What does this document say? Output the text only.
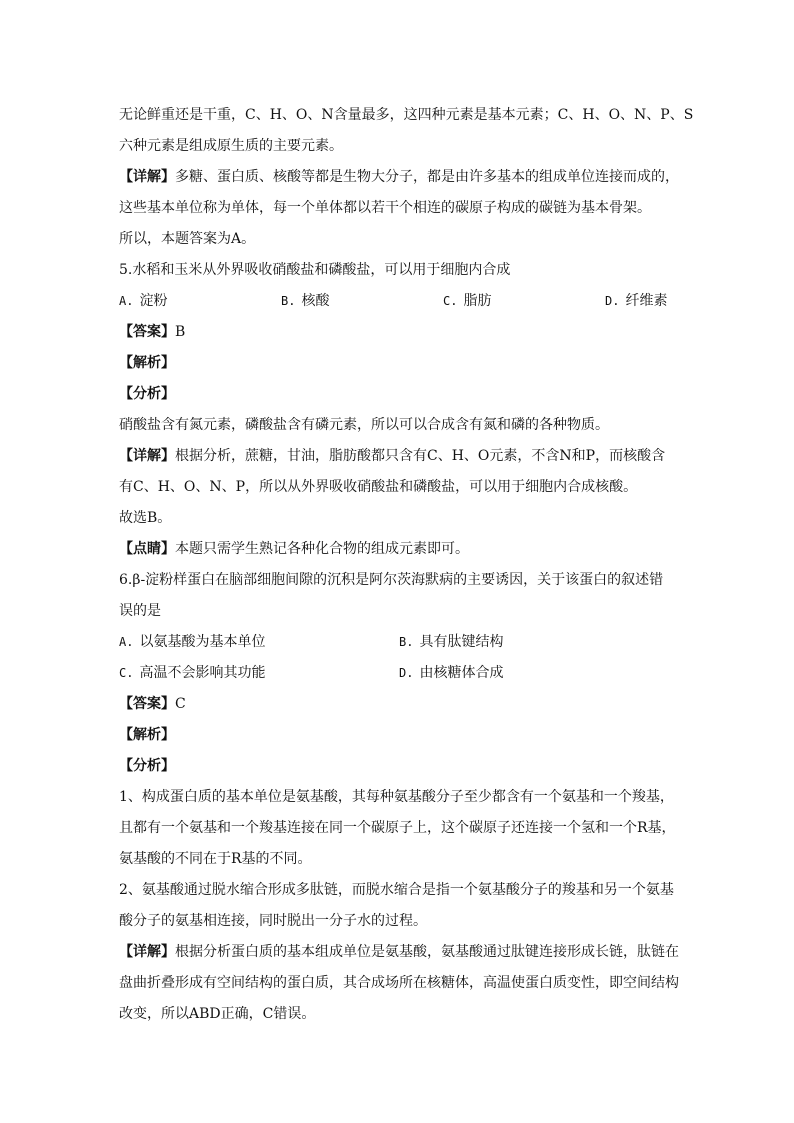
无论鲜重还是干重，C、H、O、N含量最多，这四种元素是基本元素；C、H、O、N、P、S

六种元素是组成原生质的主要元素。

【详解】多糖、蛋白质、核酸等都是生物大分子，都是由许多基本的组成单位连接而成的，

这些基本单位称为单体，每一个单体都以若干个相连的碳原子构成的碳链为基本骨架。

所以，本题答案为A。

5.水稻和玉米从外界吸收硝酸盐和磷酸盐，可以用于细胞内合成

A. 淀粉	B. 核酸	C. 脂肪	D. 纤维素

【答案】B

【解析】

【分析】

硝酸盐含有氮元素，磷酸盐含有磷元素，所以可以合成含有氮和磷的各种物质。

【详解】根据分析，蔗糖，甘油，脂肪酸都只含有C、H、O元素，不含N和P，而核酸含

有C、H、O、N、P，所以从外界吸收硝酸盐和磷酸盐，可以用于细胞内合成核酸。

故选B。

【点睛】本题只需学生熟记各种化合物的组成元素即可。

6.β-淀粉样蛋白在脑部细胞间隙的沉积是阿尔茨海默病的主要诱因，关于该蛋白的叙述错

误的是

A. 以氨基酸为基本单位	B. 具有肽键结构
C. 高温不会影响其功能	D. 由核糖体合成

【答案】C

【解析】

【分析】

1、构成蛋白质的基本单位是氨基酸，其每种氨基酸分子至少都含有一个氨基和一个羧基，

且都有一个氨基和一个羧基连接在同一个碳原子上，这个碳原子还连接一个氢和一个R基，

氨基酸的不同在于R基的不同。

2、氨基酸通过脱水缩合形成多肽链，而脱水缩合是指一个氨基酸分子的羧基和另一个氨基

酸分子的氨基相连接，同时脱出一分子水的过程。

【详解】根据分析蛋白质的基本组成单位是氨基酸，氨基酸通过肽键连接形成长链，肽链在

盘曲折叠形成有空间结构的蛋白质，其合成场所在核糖体，高温使蛋白质变性，即空间结构

改变，所以ABD正确，C错误。
